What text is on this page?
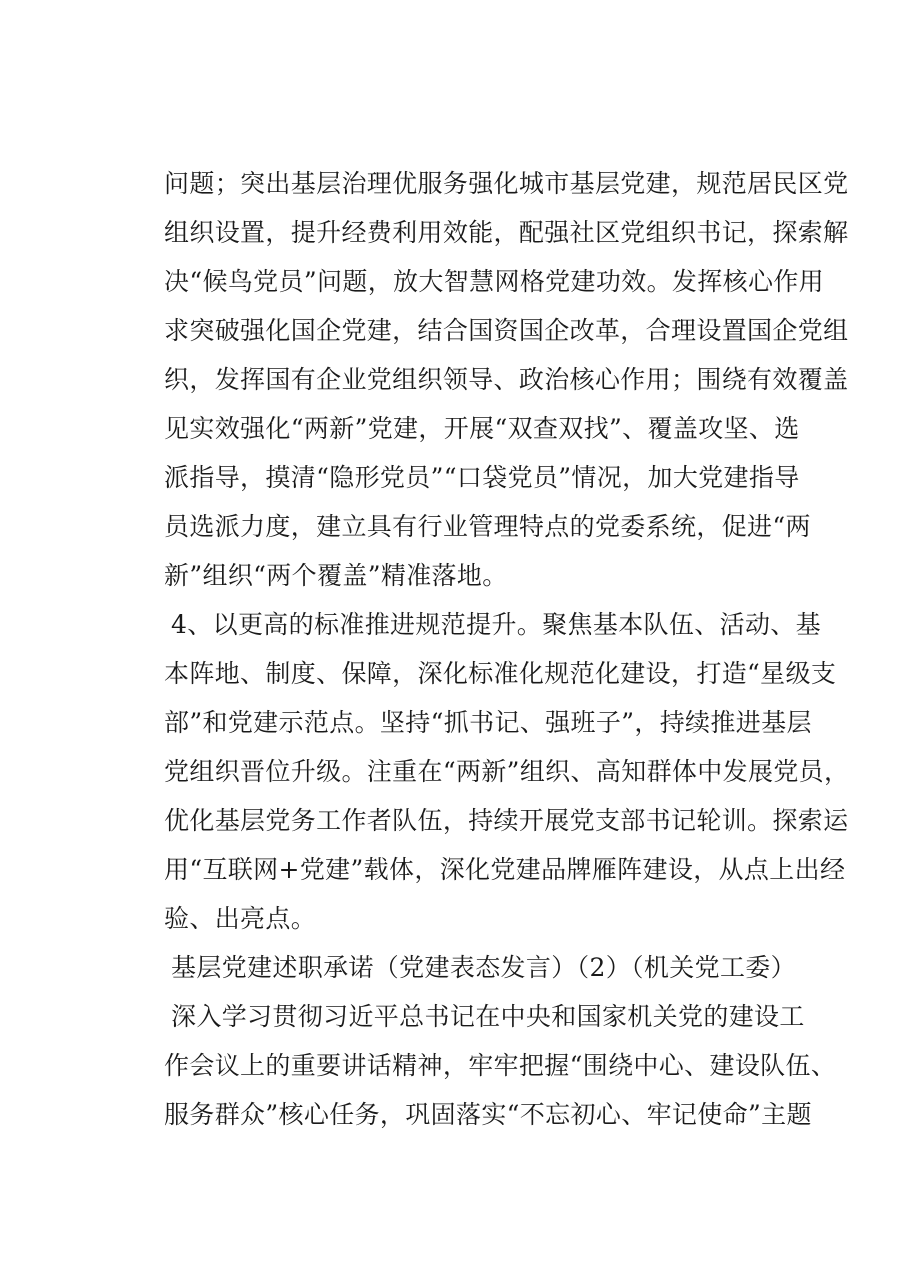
问题；突出基层治理优服务强化城市基层党建，规范居民区党
组织设置，提升经费利用效能，配强社区党组织书记，探索解
决“候鸟党员”问题，放大智慧网格党建功效。发挥核心作用
求突破强化国企党建，结合国资国企改革，合理设置国企党组
织，发挥国有企业党组织领导、政治核心作用；围绕有效覆盖
见实效强化“两新”党建，开展“双查双找”、覆盖攻坚、选
派指导，摸清“隐形党员”“口袋党员”情况，加大党建指导
员选派力度，建立具有行业管理特点的党委系统，促进“两
新”组织“两个覆盖”精准落地。
4、以更高的标准推进规范提升。聚焦基本队伍、活动、基
本阵地、制度、保障，深化标准化规范化建设，打造“星级支
部”和党建示范点。坚持“抓书记、强班子”，持续推进基层
党组织晋位升级。注重在“两新”组织、高知群体中发展党员，
优化基层党务工作者队伍，持续开展党支部书记轮训。探索运
用“互联网+党建”载体，深化党建品牌雁阵建设，从点上出经
验、出亮点。
基层党建述职承诺（党建表态发言）（2）（机关党工委）
深入学习贯彻习近平总书记在中央和国家机关党的建设工
作会议上的重要讲话精神，牢牢把握“围绕中心、建设队伍、
服务群众”核心任务，巩固落实“不忘初心、牢记使命”主题
